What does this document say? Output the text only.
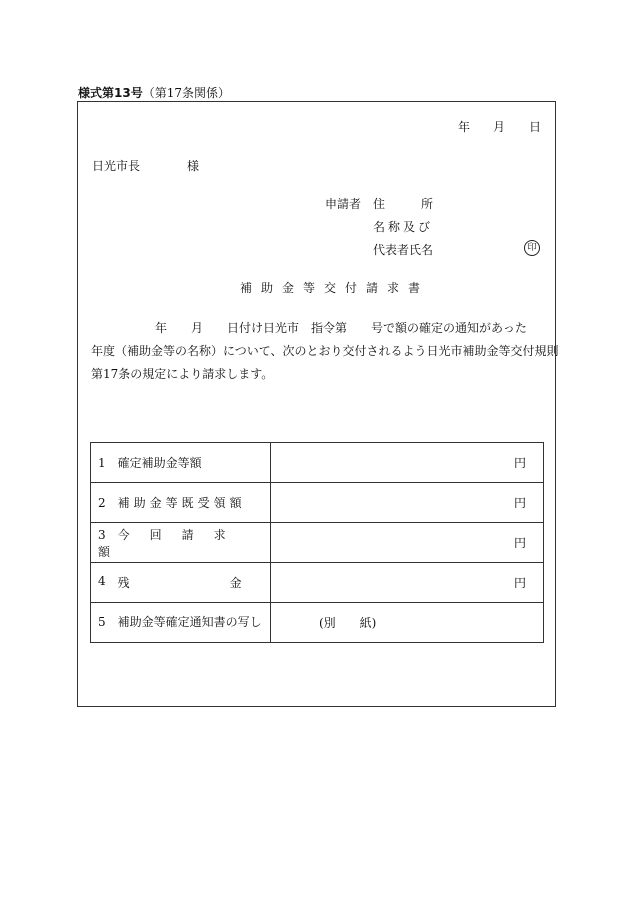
様式第13号（第17条関係）
年 月 日
日光市長	様
申請者 住	所
名称及び
代表者氏名	印
補助金等交付請求書
年　　月　　日付け日光市　指令第　　号で額の確定の通知があった
年度（補助金等の名称）について、次のとおり交付されるよう日光市補助金等交付規則
第17条の規定により請求します。
1　 確定補助金等額	円
2　 補助金等既受領額	円
3　 今回請求額	円

4 残金	円
5　 補助金等確定通知書の写し	(別　　紙)
